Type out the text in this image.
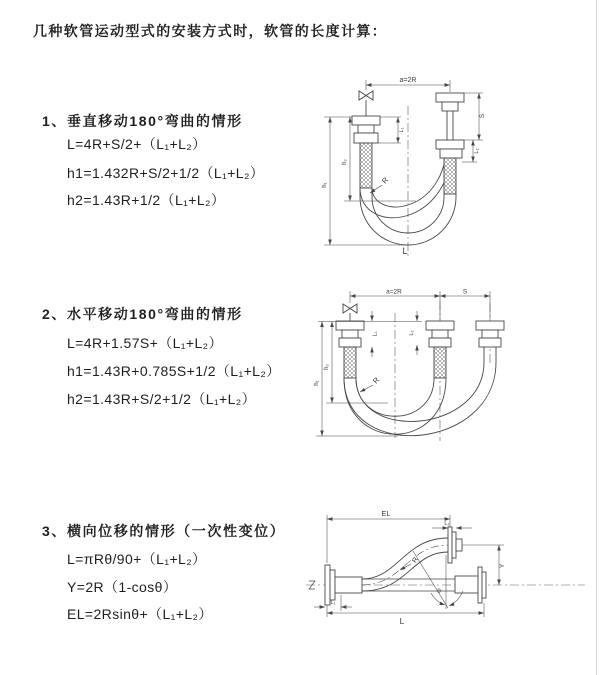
几种软管运动型式的安装方式时，软管的长度计算：
1、垂直移动180°弯曲的情形
L=4R+S/2+（L₁+L₂）
h1=1.432R+S/2+1/2（L₁+L₂）
h2=1.43R+1/2（L₁+L₂）
2、水平移动180°弯曲的情形
L=4R+1.57S+（L₁+L₂）
h1=1.43R+0.785S+1/2（L₁+L₂）
h2=1.43R+S/2+1/2（L₁+L₂）
3、横向位移的情形（一次性变位）
L=πRθ/90+（L₁+L₂）
Y=2R（1-cosθ）
EL=2Rsinθ+（L₁+L₂）
a=2R
h₁
h₂
L₁
S
L₂
R
L
a=2R	S
h₁
h₂
L₁	L₂
R
EL
L₂
Y
L₁
L
R
θ
